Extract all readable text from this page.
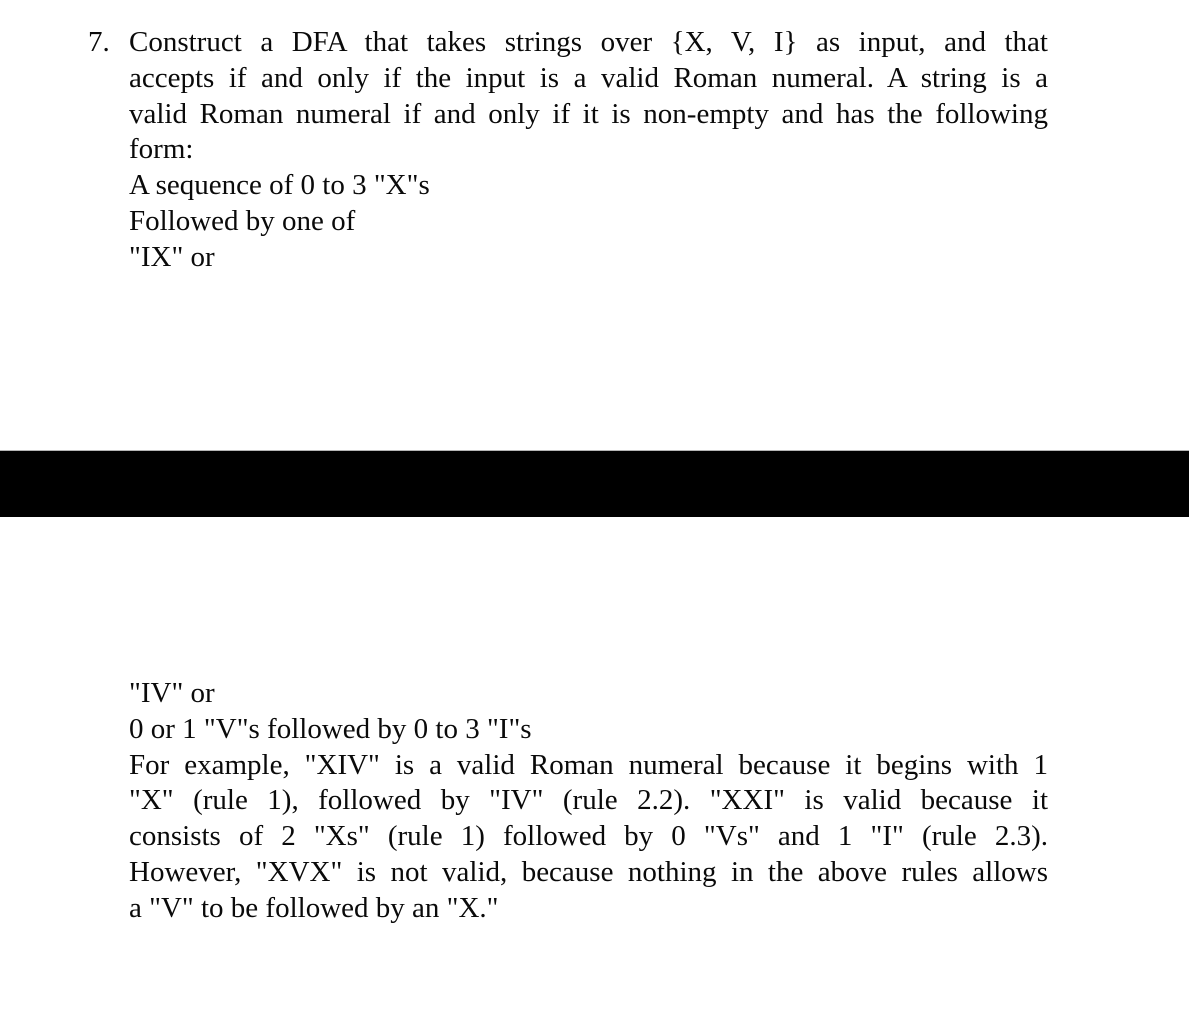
7. Construct a DFA that takes strings over {X, V, I} as input, and that
accepts if and only if the input is a valid Roman numeral. A string is a
valid Roman numeral if and only if it is non-empty and has the following
form:
A sequence of 0 to 3 "X"s
Followed by one of
"IX" or
"IV" or
0 or 1 "V"s followed by 0 to 3 "I"s
For example, "XIV" is a valid Roman numeral because it begins with 1
"X" (rule 1), followed by "IV" (rule 2.2). "XXI" is valid because it
consists of 2 "Xs" (rule 1) followed by 0 "Vs" and 1 "I" (rule 2.3).
However, "XVX" is not valid, because nothing in the above rules allows
a "V" to be followed by an "X."
